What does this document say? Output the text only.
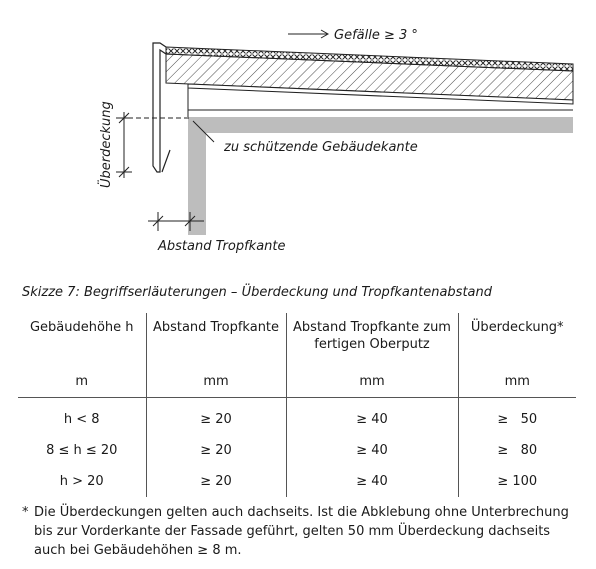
Überdeckung
Abstand Tropfkante
zu schützende Gebäudekante
Gefälle ≥ 3 °
Skizze 7: Begriffserläuterungen – Überdeckung und Tropfkantenabstand
Gebäudehöhe h	Abstand Tropfkante	Abstand Tropfkante zum fertigen Oberputz	Überdeckung*
m	mm	mm	mm
h < 8	≥ 20	≥ 40	≥   50
8 ≤ h ≤ 20	≥ 20	≥ 40	≥   80
h > 20	≥ 20	≥ 40	≥ 100
* Die Überdeckungen gelten auch dachseits. Ist die Abklebung ohne Unterbrechung bis zur Vorderkante der Fassade geführt, gelten 50 mm Überdeckung dachseits auch bei Gebäudehöhen ≥ 8 m.
